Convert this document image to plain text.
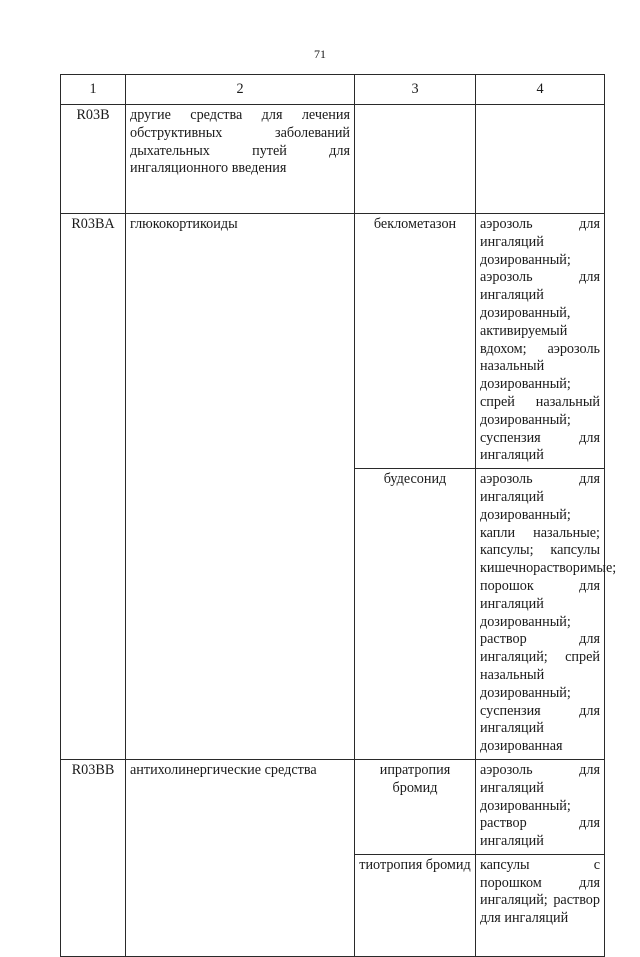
71
1	2	3	4
R03B	другие средства для лечения обструктивных заболеваний дыхательных путей для ингаляционного введения		
R03BA	глюкокортикоиды	беклометазон	аэрозоль для ингаляций дозированный; аэрозоль для ингаляций дозированный, активируемый вдохом; аэрозоль назальный дозированный; спрей назальный дозированный; суспензия для ингаляций
		будесонид	аэрозоль для ингаляций дозированный; капли назальные; капсулы; капсулы кишечнорастворимые; порошок для ингаляций дозированный; раствор для ингаляций; спрей назальный дозированный; суспензия для ингаляций дозированная
R03BB	антихолинергические средства	ипратропия бромид	аэрозоль для ингаляций дозированный; раствор для ингаляций
		тиотропия бромид	капсулы с порошком для ингаляций; раствор для ингаляций
